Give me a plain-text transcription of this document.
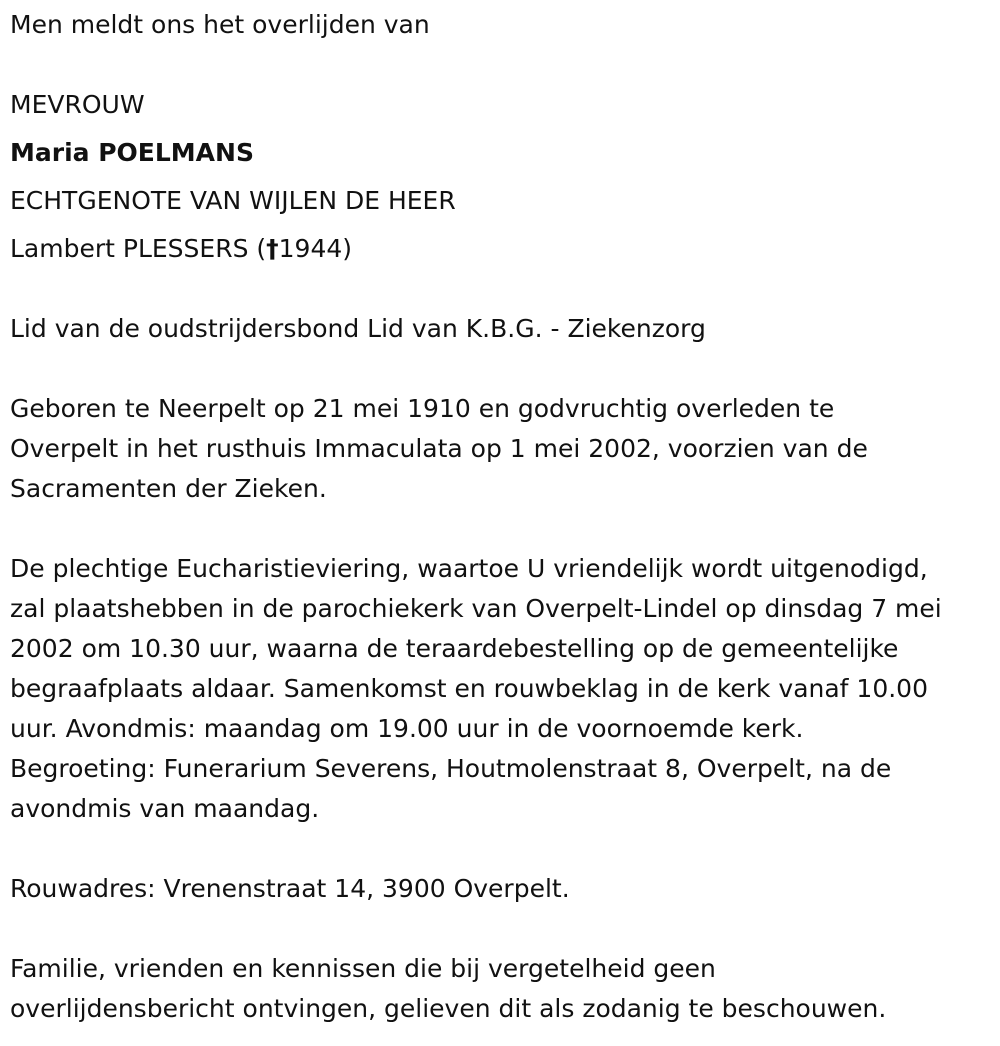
Men meldt ons het overlijden van
MEVROUW
Maria POELMANS
ECHTGENOTE VAN WIJLEN DE HEER
Lambert PLESSERS (†1944)
Lid van de oudstrijdersbond Lid van K.B.G. - Ziekenzorg
Geboren te Neerpelt op 21 mei 1910 en godvruchtig overleden te
Overpelt in het rusthuis Immaculata op 1 mei 2002, voorzien van de
Sacramenten der Zieken.
De plechtige Eucharistieviering, waartoe U vriendelijk wordt uitgenodigd,
zal plaatshebben in de parochiekerk van Overpelt-Lindel op dinsdag 7 mei
2002 om 10.30 uur, waarna de teraardebestelling op de gemeentelijke
begraafplaats aldaar. Samenkomst en rouwbeklag in de kerk vanaf 10.00
uur. Avondmis: maandag om 19.00 uur in de voornoemde kerk.
Begroeting: Funerarium Severens, Houtmolenstraat 8, Overpelt, na de
avondmis van maandag.
Rouwadres: Vrenenstraat 14, 3900 Overpelt.
Familie, vrienden en kennissen die bij vergetelheid geen
overlijdensbericht ontvingen, gelieven dit als zodanig te beschouwen.
